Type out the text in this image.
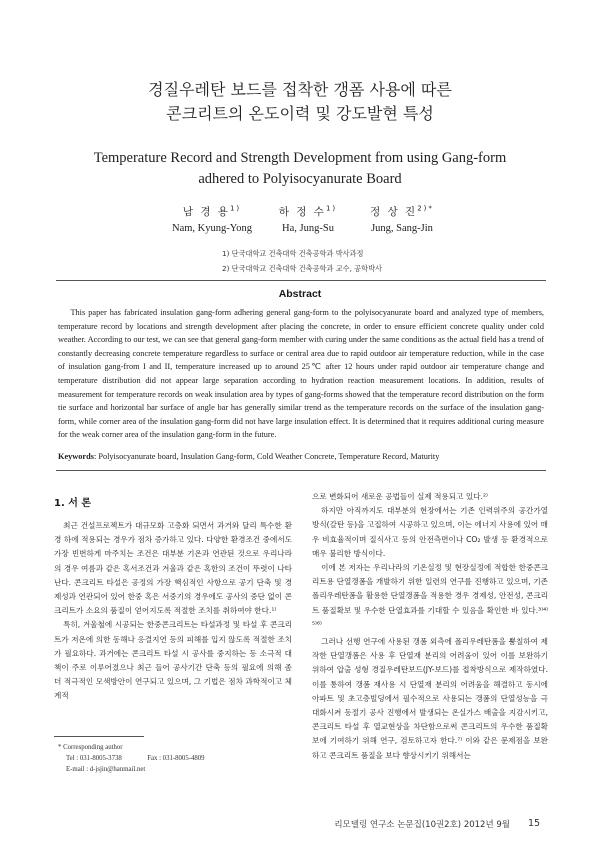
경질우레탄 보드를 접착한 갱폼 사용에 따른
콘크리트의 온도이력 및 강도발현 특성
Temperature Record and Strength Development from using Gang-form
adhered to Polyisocyanurate Board
남 경 용$^{1)}$
Nam, Kyung-Yong
하 정 수$^{1)}$
Ha, Jung-Su
정 상 진$^{2)*}$
Jung, Sang-Jin
1) 단국대학교 건축대학 건축공학과 박사과정
2) 단국대학교 건축대학 건축공학과 교수, 공학박사
Abstract
This paper has fabricated insulation gang-form adhering general gang-form to the polyisocyanurate board and analyzed type of members, temperature record by locations and strength development after placing the concrete, in order to ensure efficient concrete quality under cold weather. According to our test, we can see that general gang-form member with curing under the same conditions as the actual field has a trend of constantly decreasing concrete temperature regardless to surface or central area due to rapid outdoor air temperature reduction, while in the case of insulation gang-from I and II, temperature increased up to around 25℃ after 12 hours under rapid outdoor air temperature change and temperature distribution did not appear large separation according to hydration reaction measurement locations. In addition, results of measurement for temperature records on weak insulation area by types of gang-forms showed that the temperature record distribution on the form tie surface and horizontal bar surface of angle bar has generally similar trend as the temperature records on the surface of the insulation gang-form, while corner area of the insulation gang-form did not have large insulation effect. It is determined that it requires additional curing measure for the weak corner area of the insulation gang-form in the future.
Keywords: Polyisocyanurate board, Insulation Gang-form, Cold Weather Concrete, Temperature Record, Maturity
1. 서 론

최근 건설프로젝트가 대규모화 고층화 되면서 과거와 달리 특수한 환경 하에 적용되는 경우가 점차 증가하고 있다. 다양한 환경조건 중에서도 가장 빈번하게 마주치는 조건은 대부분 기온과 연관된 것으로 우리나라의 경우 여름과 같은 혹서조건과 겨울과 같은 혹한의 조건이 뚜렷이 나타난다. 콘크리트 타설은 공정의 가장 핵심적인 사항으로 공기 단축 및 경제성과 연관되어 있어 한중 혹은 서중기의 경우에도 공사의 중단 없이 콘크리트가 소요의 품질이 얻어지도록 적절한 조치를 취하여야 한다.¹⁾

특히, 겨울철에 시공되는 한중콘크리트는 타설과정 및 타설 후 콘크리트가 저온에 의한 동해나 응결지연 등의 피해를 입지 않도록 적절한 조치가 필요하다. 과거에는 콘크리트 타설 시 공사를 중지하는 등 소극적 대책이 주로 이루어졌으나 최근 들어 공사기간 단축 등의 필요에 의해 좀 더 적극적인 모색방안이 연구되고 있으며, 그 기법은 점차 과학적이고 체계적

* Corresponding author
Tel : 031-8005-3738	Fax : 031-8005-4809
E-mail : d-jsjin@hanmail.net

으로 변화되어 새로운 공법들이 실제 적용되고 있다.²⁾

하지만 아직까지도 대부분의 현장에서는 기존 인력위주의 공간가열 방식(갈탄 등)을 고집하여 시공하고 있으며, 이는 에너지 사용에 있어 매우 비효율적이며 질식사고 등의 안전측면이나 CO₂ 발생 등 환경적으로 매우 불리한 방식이다.

이에 본 저자는 우리나라의 기온실정 및 현장실정에 적합한 한중콘크리트용 단열갱폼을 개발하기 위한 일련의 연구를 진행하고 있으며, 기존 폴리우레탄폼을 활용한 단열갱폼을 적용한 경우 경제성, 안전성, 콘크리트 품질확보 및 우수한 단열효과를 기대할 수 있음을 확인한 바 있다.³⁾⁴⁾⁵⁾⁶⁾

그러나 선행 연구에 사용된 갱폼 외측에 폴리우레탄폼을 뿜칠하여 제작한 단열갱폼은 사용 후 단열재 분리의 어려움이 있어 이를 보완하기 위하여 압출 성형 경질우레탄보드(JY-보드)를 접착방식으로 제작하였다. 이를 통하여 갱폼 재사용 시 단열재 분리의 어려움을 해결하고 동시에 아파트 및 초고층빌딩에서 필수적으로 사용되는 갱폼의 단열성능을 극대화시켜 동절기 공사 진행에서 발생되는 온실가스 배출을 지감시키고, 콘크리트 타설 후 열교현상을 차단함으로써 콘크리트의 우수한 품질확보에 기여하기 위해 연구, 검토하고자 한다.⁷⁾ 이와 같은 문제점을 보완하고 콘크리트 품질을 보다 향상시키기 위해서는

리모델링 연구소 논문집(10권2호) 2012년 9월 15
